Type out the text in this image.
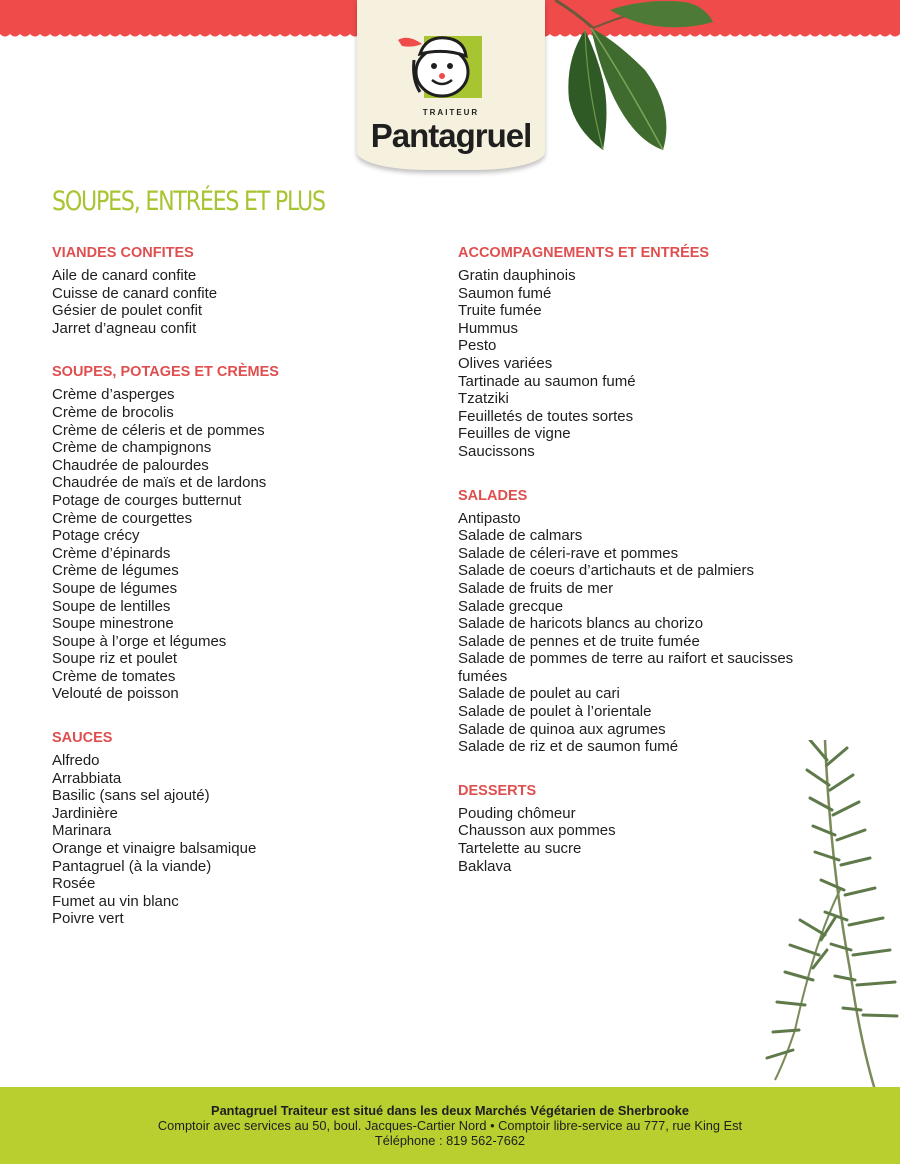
TRAITEUR
Pantagruel
SOUPES, ENTRÉES ET PLUS
VIANDES CONFITES
Aile de canard confite
Cuisse de canard confite
Gésier de poulet confit
Jarret d’agneau confit
SOUPES, POTAGES ET CRÈMES
Crème d’asperges
Crème de brocolis
Crème de céleris et de pommes
Crème de champignons
Chaudrée de palourdes
Chaudrée de maïs et de lardons
Potage de courges butternut
Crème de courgettes
Potage crécy
Crème d’épinards
Crème de légumes
Soupe de légumes
Soupe de lentilles
Soupe minestrone
Soupe à l’orge et légumes
Soupe riz et poulet
Crème de tomates
Velouté de poisson
SAUCES
Alfredo
Arrabbiata
Basilic (sans sel ajouté)
Jardinière
Marinara
Orange et vinaigre balsamique
Pantagruel (à la viande)
Rosée
Fumet au vin blanc
Poivre vert
ACCOMPAGNEMENTS ET ENTRÉES
Gratin dauphinois
Saumon fumé
Truite fumée
Hummus
Pesto
Olives variées
Tartinade au saumon fumé
Tzatziki
Feuilletés de toutes sortes
Feuilles de vigne
Saucissons
SALADES
Antipasto
Salade de calmars
Salade de céleri-rave et pommes
Salade de coeurs d’artichauts et de palmiers
Salade de fruits de mer
Salade grecque
Salade de haricots blancs au chorizo
Salade de pennes et de truite fumée
Salade de pommes de terre au raifort et saucisses fumées
Salade de poulet au cari
Salade de poulet à l’orientale
Salade de quinoa aux agrumes
Salade de riz et de saumon fumé
DESSERTS
Pouding chômeur
Chausson aux pommes
Tartelette au sucre
Baklava
Pantagruel Traiteur est situé dans les deux Marchés Végétarien de Sherbrooke
Comptoir avec services au 50, boul. Jacques-Cartier Nord • Comptoir libre-service au 777, rue King Est
Téléphone : 819 562-7662
